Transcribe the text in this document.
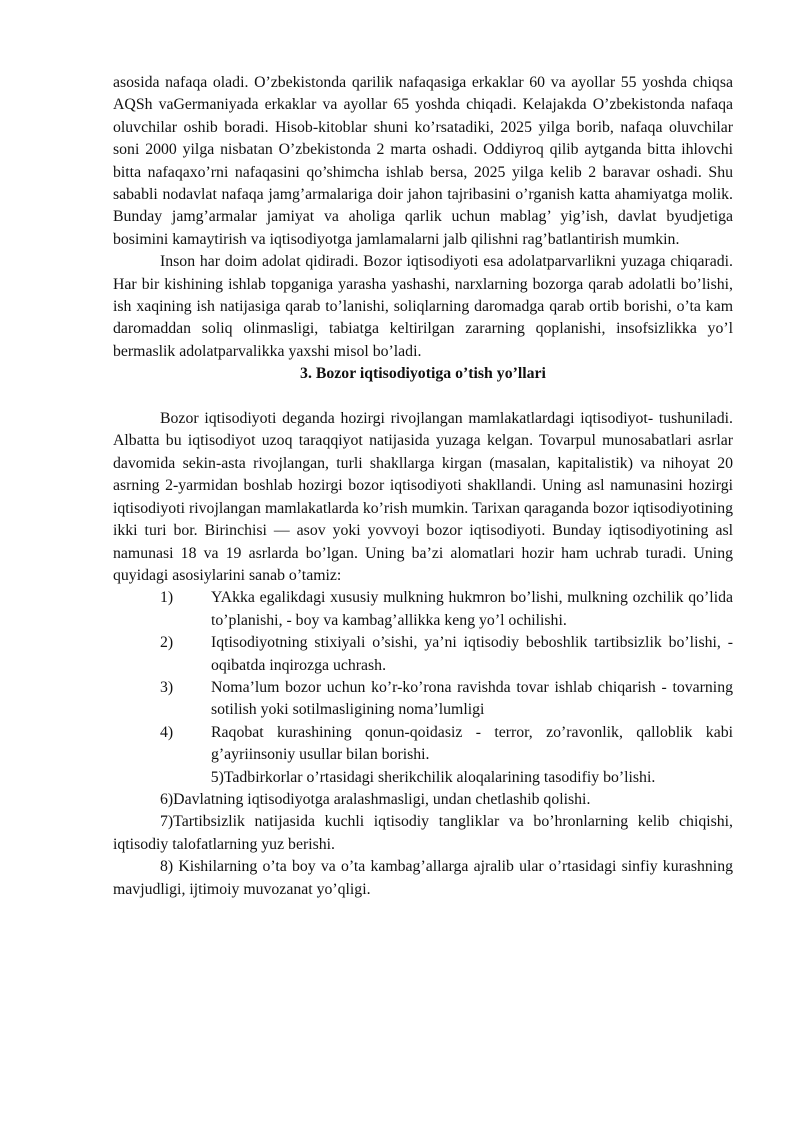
asosida nafaqa oladi. O’zbekistonda qarilik nafaqasiga erkaklar 60 va ayollar 55 yoshda chiqsa AQSh vaGermaniyada erkaklar va ayollar 65 yoshda chiqadi. Kelajakda O’zbekistonda nafaqa oluvchilar oshib boradi. Hisob-kitoblar shuni ko’rsatadiki, 2025 yilga borib, nafaqa oluvchilar soni 2000 yilga nisbatan O’zbekistonda 2 marta oshadi. Oddiyroq qilib aytganda bitta ihlovchi bitta nafaqaxo’rni nafaqasini qo’shimcha ishlab bersa, 2025 yilga kelib 2 baravar oshadi. Shu sababli nodavlat nafaqa jamg’armalariga doir jahon tajribasini o’rganish katta ahamiyatga molik. Bunday jamg’armalar jamiyat va aholiga qarlik uchun mablag’ yig’ish, davlat byudjetiga bosimini kamaytirish va iqtisodiyotga jamlamalarni jalb qilishni rag’batlantirish mumkin.

Inson har doim adolat qidiradi. Bozor iqtisodiyoti esa adolatparvarlikni yuzaga chiqaradi. Har bir kishining ishlab topganiga yarasha yashashi, narxlarning bozorga qarab adolatli bo’lishi, ish xaqining ish natijasiga qarab to’lanishi, soliqlarning daromadga qarab ortib borishi, o’ta kam daromaddan soliq olinmasligi, tabiatga keltirilgan zararning qoplanishi, insofsizlikka yo’l bermaslik adolatparvalikka yaxshi misol bo’ladi.

3. Bozor iqtisodiyotiga o’tish yo’llari

Bozor iqtisodiyoti deganda hozirgi rivojlangan mamlakatlardagi iqtisodiyot- tushuniladi. Albatta bu iqtisodiyot uzoq taraqqiyot natijasida yuzaga kelgan. Tovarpul munosabatlari asrlar davomida sekin-asta rivojlangan, turli shakllarga kirgan (masalan, kapitalistik) va nihoyat 20 asrning 2-yarmidan boshlab hozirgi bozor iqtisodiyoti shakllandi. Uning asl namunasini hozirgi iqtisodiyoti rivojlangan mamlakatlarda ko’rish mumkin. Tarixan qaraganda bozor iqtisodiyotining ikki turi bor. Birinchisi — asov yoki yovvoyi bozor iqtisodiyoti. Bunday iqtisodiyotining asl namunasi 18 va 19 asrlarda bo’lgan. Uning ba’zi alomatlari hozir ham uchrab turadi. Uning quyidagi asosiylarini sanab o’tamiz:

1)	YAkka egalikdagi xususiy mulkning hukmron bo’lishi, mulkning ozchilik qo’lida to’planishi, - boy va kambag’allikka keng yo’l ochilishi.
2)	Iqtisodiyotning stixiyali o’sishi, ya’ni iqtisodiy beboshlik tartibsizlik bo’lishi, - oqibatda inqirozga uchrash.
3)	Noma’lum bozor uchun ko’r-ko’rona ravishda tovar ishlab chiqarish - tovarning sotilish yoki sotilmasligining noma’lumligi
4)	Raqobat kurashining qonun-qoidasiz - terror, zo’ravonlik, qalloblik kabi g’ayriinsoniy usullar bilan borishi.

5)Tadbirkorlar o’rtasidagi sherikchilik aloqalarining tasodifiy bo’lishi.

6)Davlatning iqtisodiyotga aralashmasligi, undan chetlashib qolishi.

7)Tartibsizlik natijasida kuchli iqtisodiy tangliklar va bo’hronlarning kelib chiqishi, iqtisodiy talofatlarning yuz berishi.

8) Kishilarning o’ta boy va o’ta kambag’allarga ajralib ular o’rtasidagi sinfiy kurashning mavjudligi, ijtimoiy muvozanat yo’qligi.
